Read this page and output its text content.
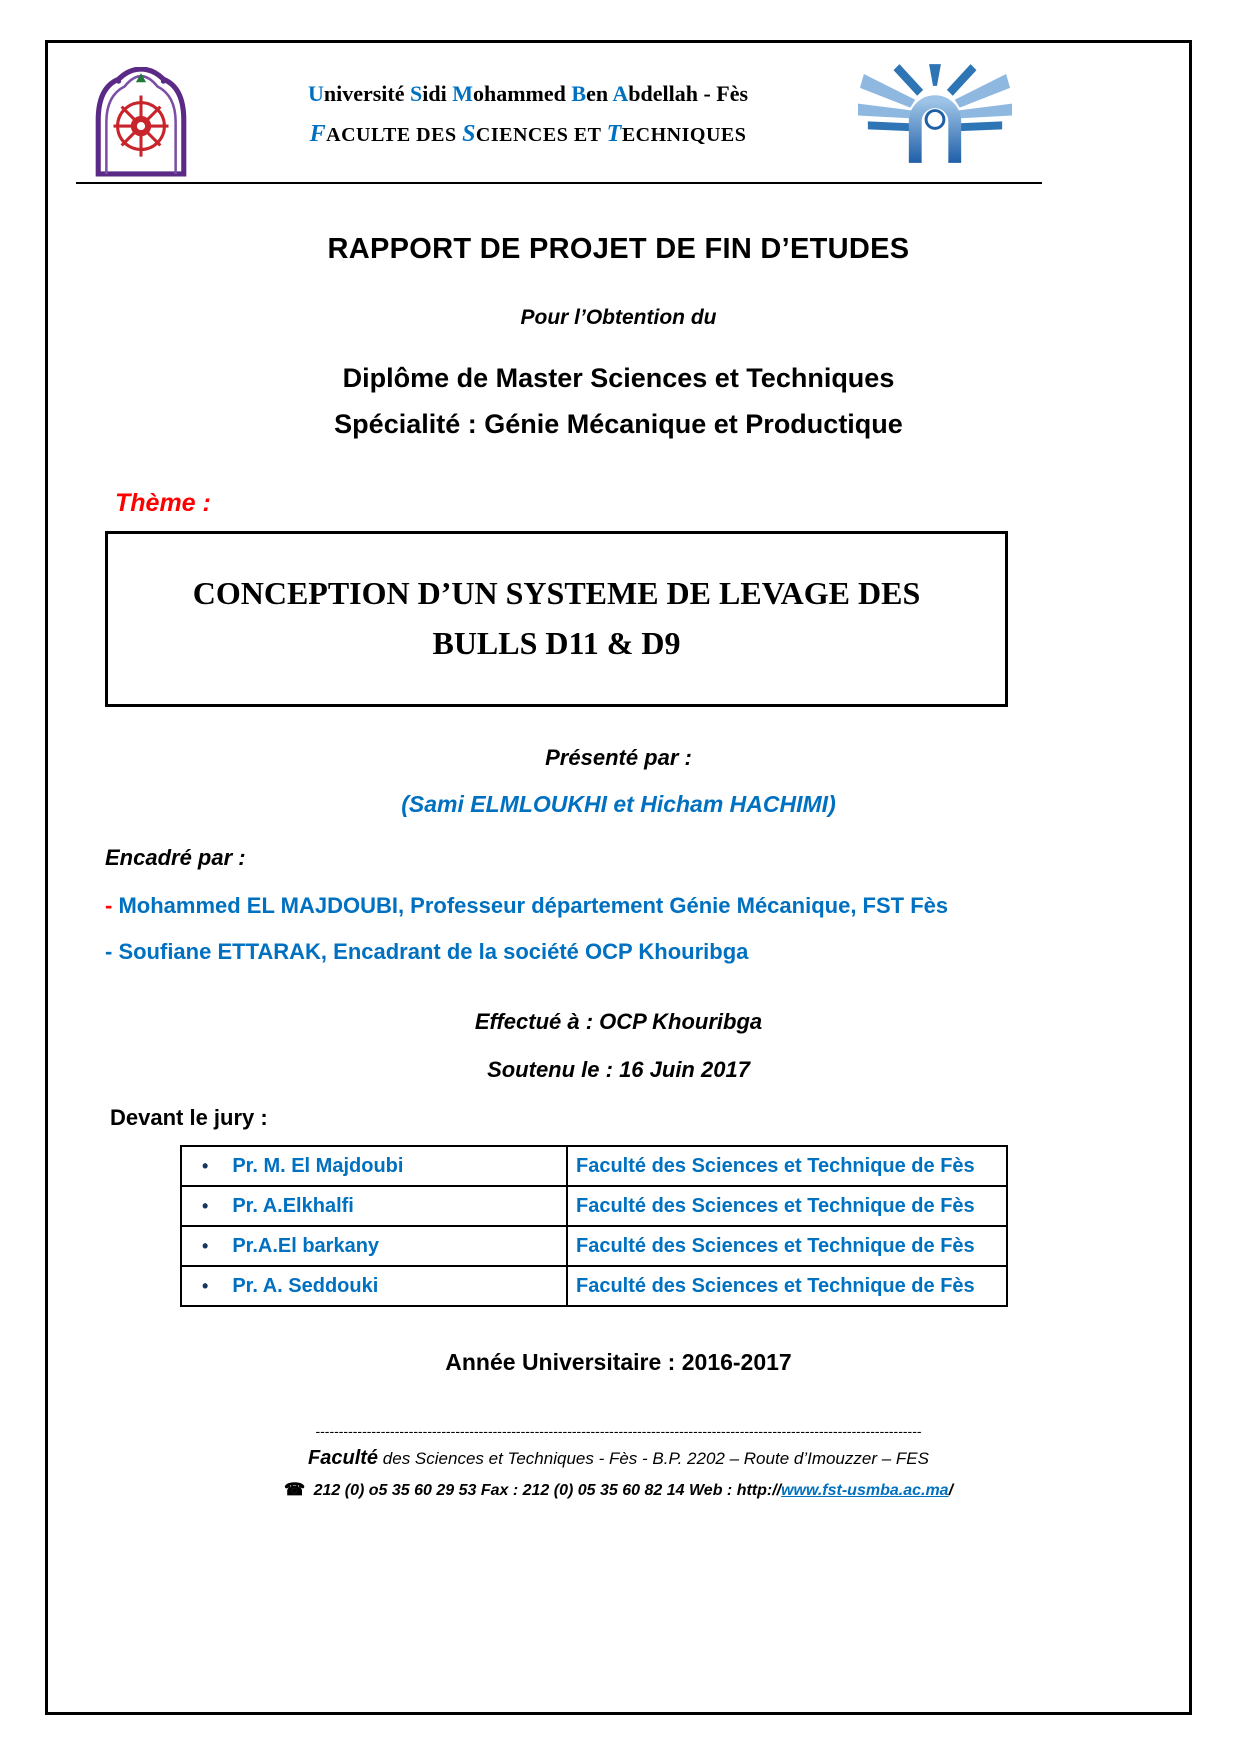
Université Sidi Mohammed Ben Abdellah - Fès
FACULTE DES SCIENCES ET TECHNIQUES
RAPPORT DE PROJET DE FIN D’ETUDES
Pour l’Obtention du
Diplôme de Master Sciences et Techniques
Spécialité : Génie Mécanique et Productique
Thème :
CONCEPTION D’UN SYSTEME DE LEVAGE DES
BULLS D11 & D9
Présenté par :
(Sami ELMLOUKHI et Hicham HACHIMI)
Encadré par :
- Mohammed EL MAJDOUBI, Professeur département Génie Mécanique, FST Fès
- Soufiane ETTARAK, Encadrant de la société OCP Khouribga
Effectué à : OCP Khouribga
Soutenu le : 16 Juin 2017
Devant le jury :
• Pr. M. El Majdoubi	Faculté des Sciences et Technique de Fès
• Pr. A.Elkhalfi	Faculté des Sciences et Technique de Fès
• Pr.A.El barkany	Faculté des Sciences et Technique de Fès
• Pr. A. Seddouki	Faculté des Sciences et Technique de Fès
Année Universitaire : 2016-2017
----------------------------------------------------------------------------------------------------------------------------------
Faculté des Sciences et Techniques - Fès - B.P. 2202 – Route d’Imouzzer – FES
☎ 212 (0) o5 35 60 29 53 Fax : 212 (0) 05 35 60 82 14 Web : http://www.fst-usmba.ac.ma/
